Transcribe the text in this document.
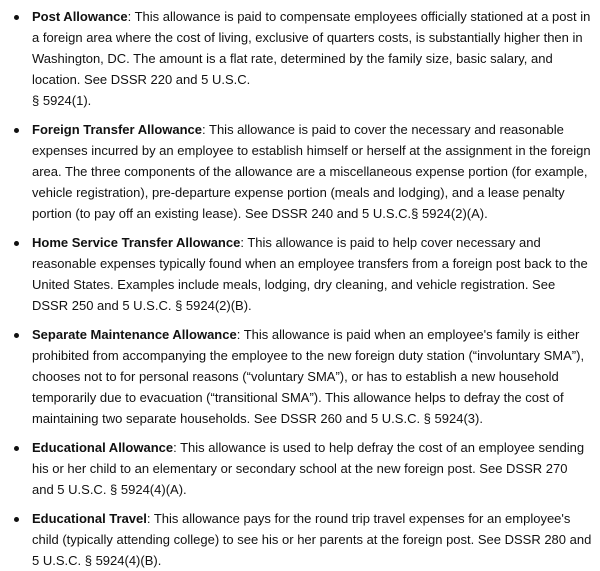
Post Allowance: This allowance is paid to compensate employees officially stationed at a post in a foreign area where the cost of living, exclusive of quarters costs, is substantially higher then in Washington, DC. The amount is a flat rate, determined by the family size, basic salary, and location. See DSSR 220 and 5 U.S.C.
§ 5924(1).
Foreign Transfer Allowance: This allowance is paid to cover the necessary and reasonable expenses incurred by an employee to establish himself or herself at the assignment in the foreign area. The three components of the allowance are a miscellaneous expense portion (for example, vehicle registration), pre-departure expense portion (meals and lodging), and a lease penalty portion (to pay off an existing lease). See DSSR 240 and 5 U.S.C.§ 5924(2)(A).
Home Service Transfer Allowance: This allowance is paid to help cover necessary and reasonable expenses typically found when an employee transfers from a foreign post back to the United States. Examples include meals, lodging, dry cleaning, and vehicle registration. See DSSR 250 and 5 U.S.C. § 5924(2)(B).
Separate Maintenance Allowance: This allowance is paid when an employee's family is either prohibited from accompanying the employee to the new foreign duty station (“involuntary SMA”), chooses not to for personal reasons (“voluntary SMA”), or has to establish a new household temporarily due to evacuation (“transitional SMA”). This allowance helps to defray the cost of maintaining two separate households. See DSSR 260 and 5 U.S.C. § 5924(3).
Educational Allowance: This allowance is used to help defray the cost of an employee sending his or her child to an elementary or secondary school at the new foreign post. See DSSR 270 and 5 U.S.C. § 5924(4)(A).
Educational Travel: This allowance pays for the round trip travel expenses for an employee's child (typically attending college) to see his or her parents at the foreign post. See DSSR 280 and 5 U.S.C. § 5924(4)(B).
